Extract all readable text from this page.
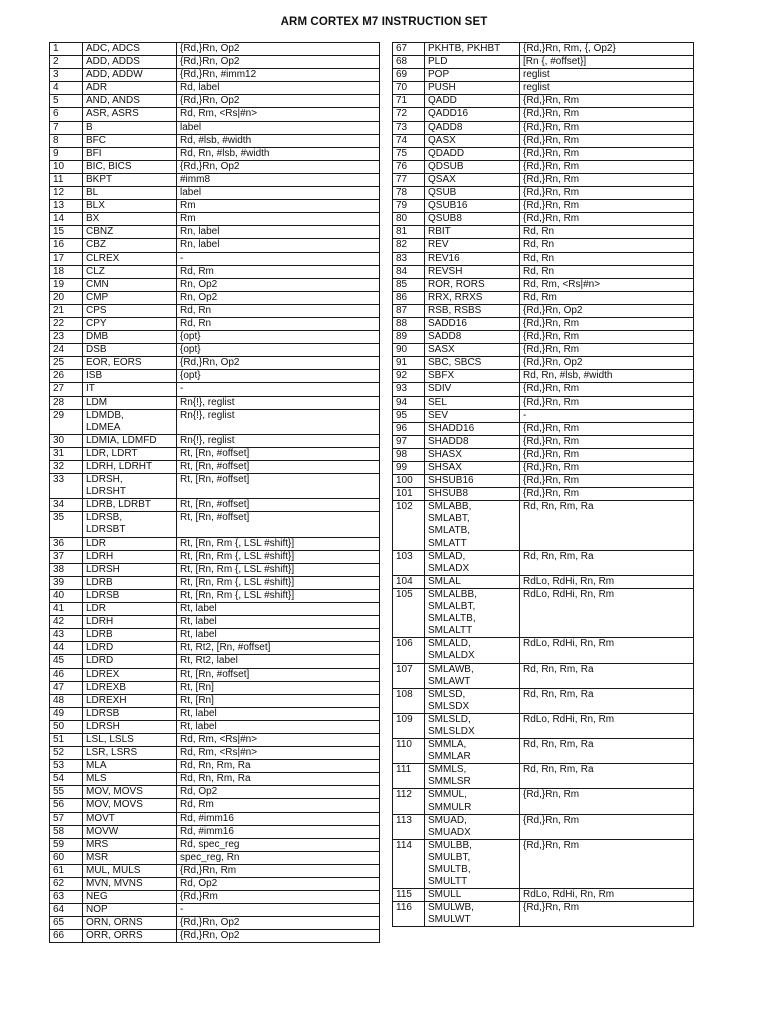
ARM CORTEX M7 INSTRUCTION SET
1	ADC, ADCS	{Rd,}Rn, Op2
2	ADD, ADDS	{Rd,}Rn, Op2
3	ADD, ADDW	{Rd,}Rn, #imm12
4	ADR	Rd, label
5	AND, ANDS	{Rd,}Rn, Op2
6	ASR, ASRS	Rd, Rm, <Rs|#n>
7	B	label
8	BFC	Rd, #lsb, #width
9	BFI	Rd, Rn, #lsb, #width
10	BIC, BICS	{Rd,}Rn, Op2
11	BKPT	#imm8
12	BL	label
13	BLX	Rm
14	BX	Rm
15	CBNZ	Rn, label
16	CBZ	Rn, label
17	CLREX	-
18	CLZ	Rd, Rm
19	CMN	Rn, Op2
20	CMP	Rn, Op2
21	CPS	Rd, Rn
22	CPY	Rd, Rn
23	DMB	{opt}
24	DSB	{opt}
25	EOR, EORS	{Rd,}Rn, Op2
26	ISB	{opt}
27	IT	-
28	LDM	Rn{!}, reglist
29	LDMDB,
LDMEA	Rn{!}, reglist
30	LDMIA, LDMFD	Rn{!}, reglist
31	LDR, LDRT	Rt, [Rn, #offset]
32	LDRH, LDRHT	Rt, [Rn, #offset]
33	LDRSH,
LDRSHT	Rt, [Rn, #offset]
34	LDRB, LDRBT	Rt, [Rn, #offset]
35	LDRSB,
LDRSBT	Rt, [Rn, #offset]
36	LDR	Rt, [Rn, Rm {, LSL #shift}]
37	LDRH	Rt, [Rn, Rm {, LSL #shift}]
38	LDRSH	Rt, [Rn, Rm {, LSL #shift}]
39	LDRB	Rt, [Rn, Rm {, LSL #shift}]
40	LDRSB	Rt, [Rn, Rm {, LSL #shift}]
41	LDR	Rt, label
42	LDRH	Rt, label
43	LDRB	Rt, label
44	LDRD	Rt, Rt2, [Rn, #offset]
45	LDRD	Rt, Rt2, label
46	LDREX	Rt, [Rn, #offset]
47	LDREXB	Rt, [Rn]
48	LDREXH	Rt, [Rn]
49	LDRSB	Rt, label
50	LDRSH	Rt, label
51	LSL, LSLS	Rd, Rm, <Rs|#n>
52	LSR, LSRS	Rd, Rm, <Rs|#n>
53	MLA	Rd, Rn, Rm, Ra
54	MLS	Rd, Rn, Rm, Ra
55	MOV, MOVS	Rd, Op2
56	MOV, MOVS	Rd, Rm
57	MOVT	Rd, #imm16
58	MOVW	Rd, #imm16
59	MRS	Rd, spec_reg
60	MSR	spec_reg, Rn
61	MUL, MULS	{Rd,}Rn, Rm
62	MVN, MVNS	Rd, Op2
63	NEG	{Rd,}Rm
64	NOP	-
65	ORN, ORNS	{Rd,}Rn, Op2
66	ORR, ORRS	{Rd,}Rn, Op2
67	PKHTB, PKHBT	{Rd,}Rn, Rm, {, Op2}
68	PLD	[Rn {, #offset}]
69	POP	reglist
70	PUSH	reglist
71	QADD	{Rd,}Rn, Rm
72	QADD16	{Rd,}Rn, Rm
73	QADD8	{Rd,}Rn, Rm
74	QASX	{Rd,}Rn, Rm
75	QDADD	{Rd,}Rn, Rm
76	QDSUB	{Rd,}Rn, Rm
77	QSAX	{Rd,}Rn, Rm
78	QSUB	{Rd,}Rn, Rm
79	QSUB16	{Rd,}Rn, Rm
80	QSUB8	{Rd,}Rn, Rm
81	RBIT	Rd, Rn
82	REV	Rd, Rn
83	REV16	Rd, Rn
84	REVSH	Rd, Rn
85	ROR, RORS	Rd, Rm, <Rs|#n>
86	RRX, RRXS	Rd, Rm
87	RSB, RSBS	{Rd,}Rn, Op2
88	SADD16	{Rd,}Rn, Rm
89	SADD8	{Rd,}Rn, Rm
90	SASX	{Rd,}Rn, Rm
91	SBC, SBCS	{Rd,}Rn, Op2
92	SBFX	Rd, Rn, #lsb, #width
93	SDIV	{Rd,}Rn, Rm
94	SEL	{Rd,}Rn, Rm
95	SEV	-
96	SHADD16	{Rd,}Rn, Rm
97	SHADD8	{Rd,}Rn, Rm
98	SHASX	{Rd,}Rn, Rm
99	SHSAX	{Rd,}Rn, Rm
100	SHSUB16	{Rd,}Rn, Rm
101	SHSUB8	{Rd,}Rn, Rm
102	SMLABB,
SMLABT,
SMLATB,
SMLATT	Rd, Rn, Rm, Ra
103	SMLAD,
SMLADX	Rd, Rn, Rm, Ra
104	SMLAL	RdLo, RdHi, Rn, Rm
105	SMLALBB,
SMLALBT,
SMLALTB,
SMLALTT	RdLo, RdHi, Rn, Rm
106	SMLALD,
SMLALDX	RdLo, RdHi, Rn, Rm
107	SMLAWB,
SMLAWT	Rd, Rn, Rm, Ra
108	SMLSD,
SMLSDX	Rd, Rn, Rm, Ra
109	SMLSLD,
SMLSLDX	RdLo, RdHi, Rn, Rm
110	SMMLA,
SMMLAR	Rd, Rn, Rm, Ra
111	SMMLS,
SMMLSR	Rd, Rn, Rm, Ra
112	SMMUL,
SMMULR	{Rd,}Rn, Rm
113	SMUAD,
SMUADX	{Rd,}Rn, Rm
114	SMULBB,
SMULBT,
SMULTB,
SMULTT	{Rd,}Rn, Rm
115	SMULL	RdLo, RdHi, Rn, Rm
116	SMULWB,
SMULWT	{Rd,}Rn, Rm
